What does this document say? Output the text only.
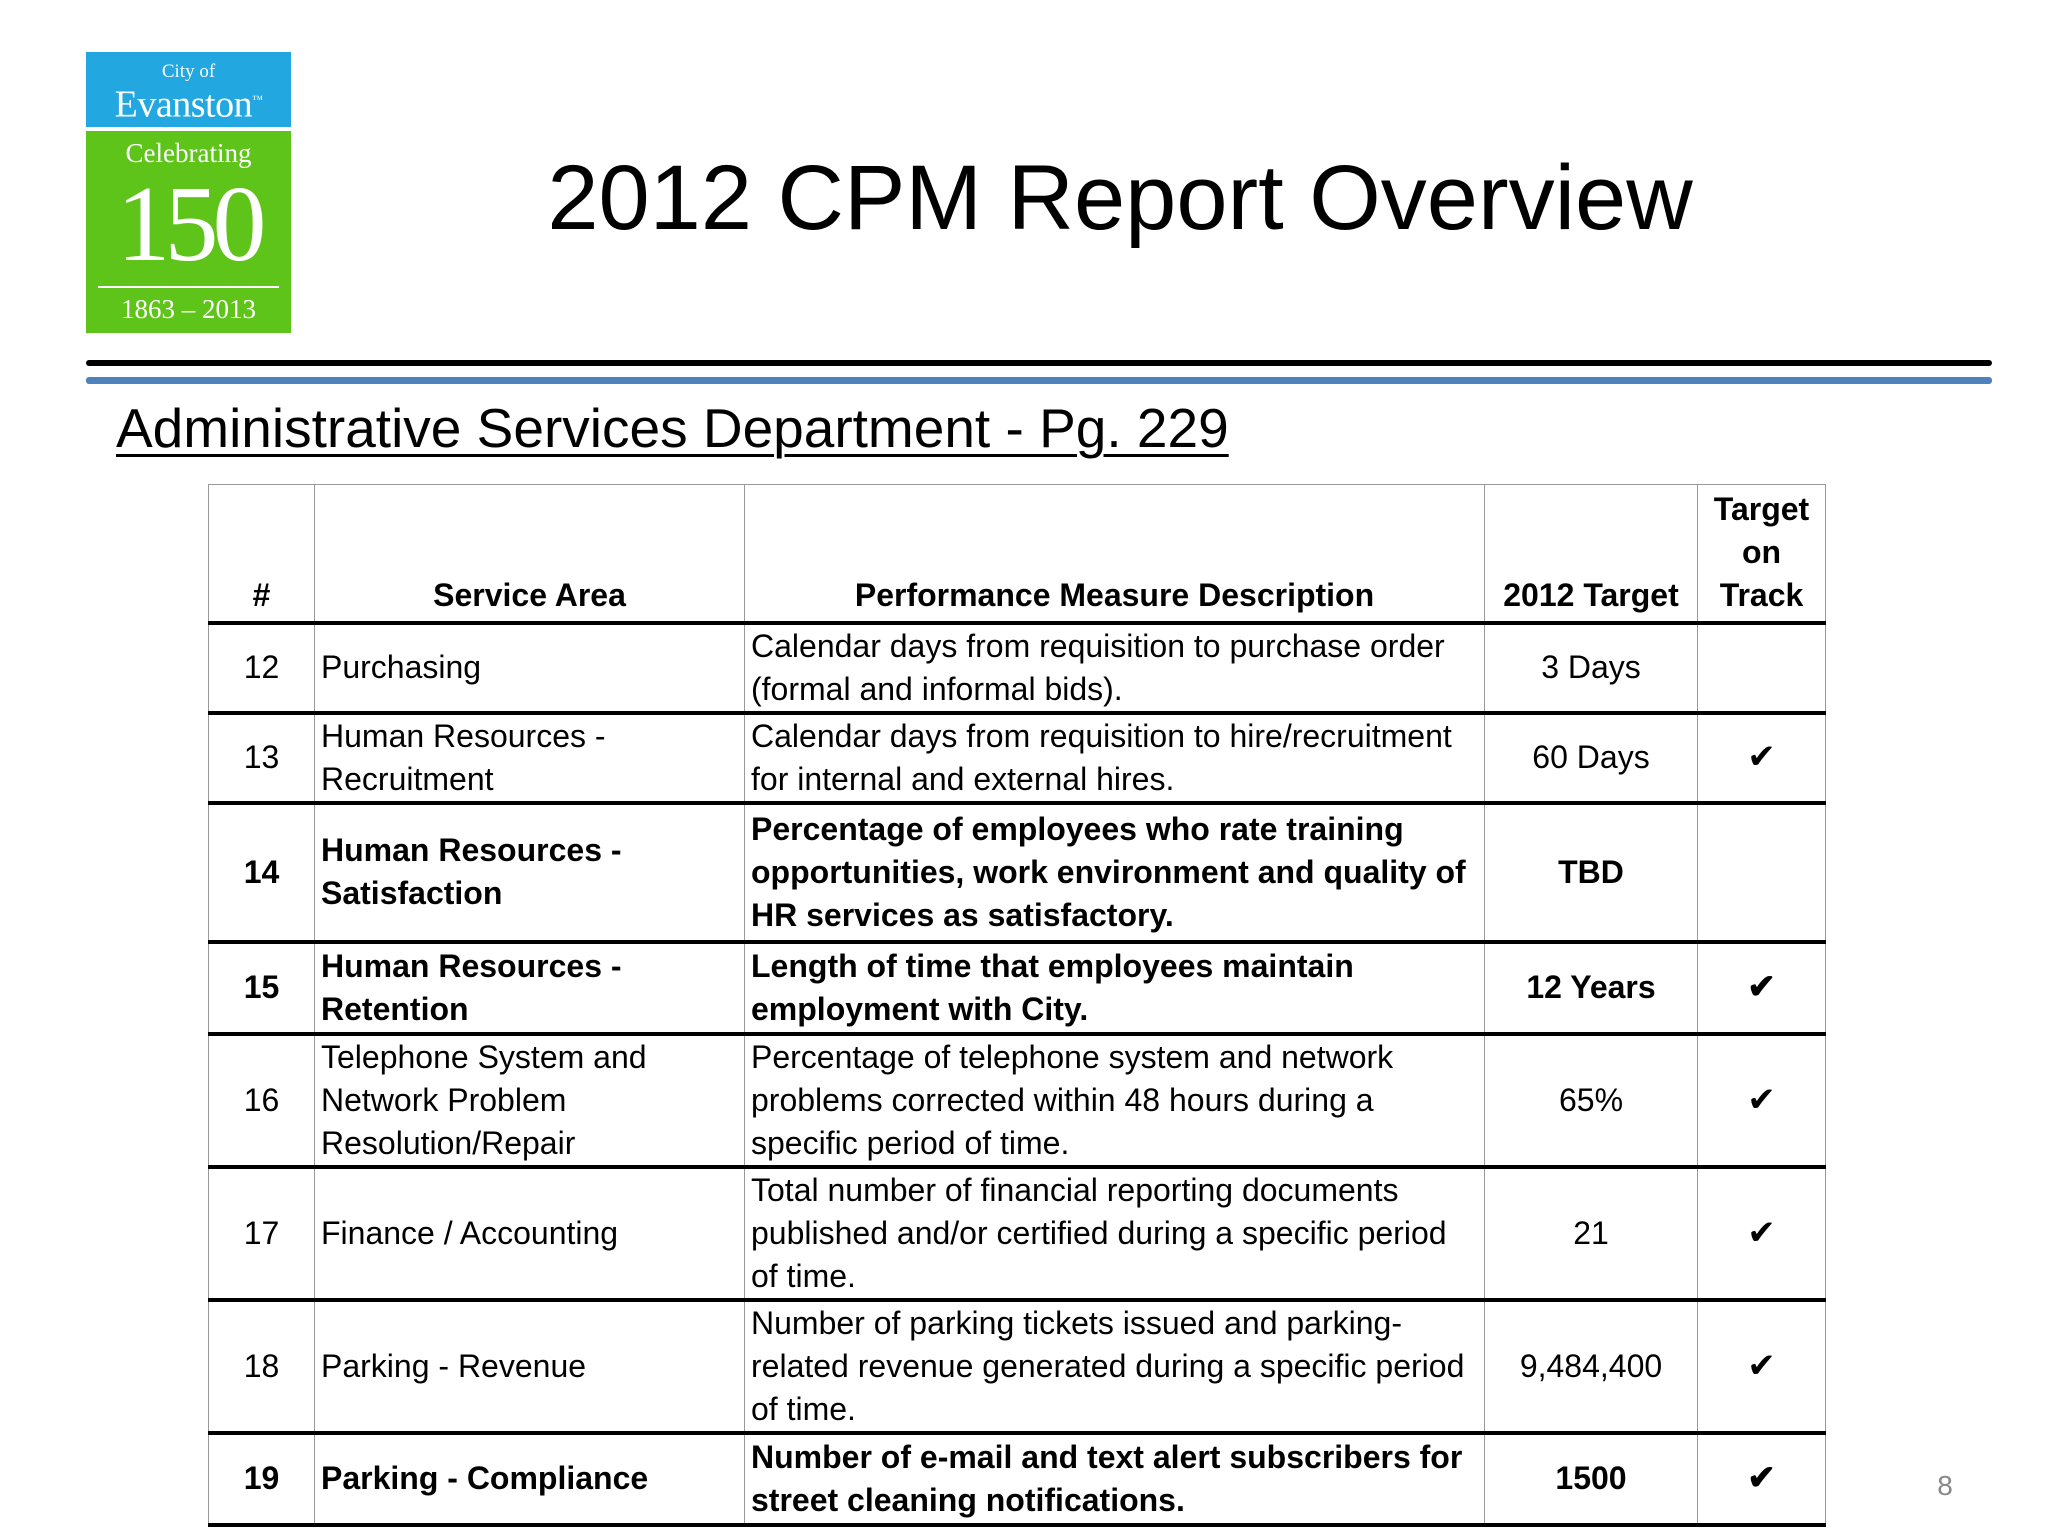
City of
Evanston™
Celebrating
150
1863 – 2013
2012 CPM Report Overview
Administrative Services Department - Pg. 229
#	Service Area	Performance Measure Description	2012 Target	Target on Track
12	Purchasing	Calendar days from requisition to purchase order (formal and informal bids).	3 Days	
13	Human Resources - Recruitment	Calendar days from requisition to hire/recruitment for internal and external hires.	60 Days	✔
14	Human Resources - Satisfaction	Percentage of employees who rate training opportunities, work environment and quality of HR services as satisfactory.	TBD	
15	Human Resources - Retention	Length of time that employees maintain employment with City.	12 Years	✔
16	Telephone System and Network Problem Resolution/Repair	Percentage of telephone system and network problems corrected within 48 hours during a specific period of time.	65%	✔
17	Finance / Accounting	Total number of financial reporting documents published and/or certified during a specific period of time.	21	✔
18	Parking - Revenue	Number of parking tickets issued and parking-related revenue generated during a specific period of time.	9,484,400	✔
19	Parking - Compliance	Number of e-mail and text alert subscribers for street cleaning notifications.	1500	✔	8
